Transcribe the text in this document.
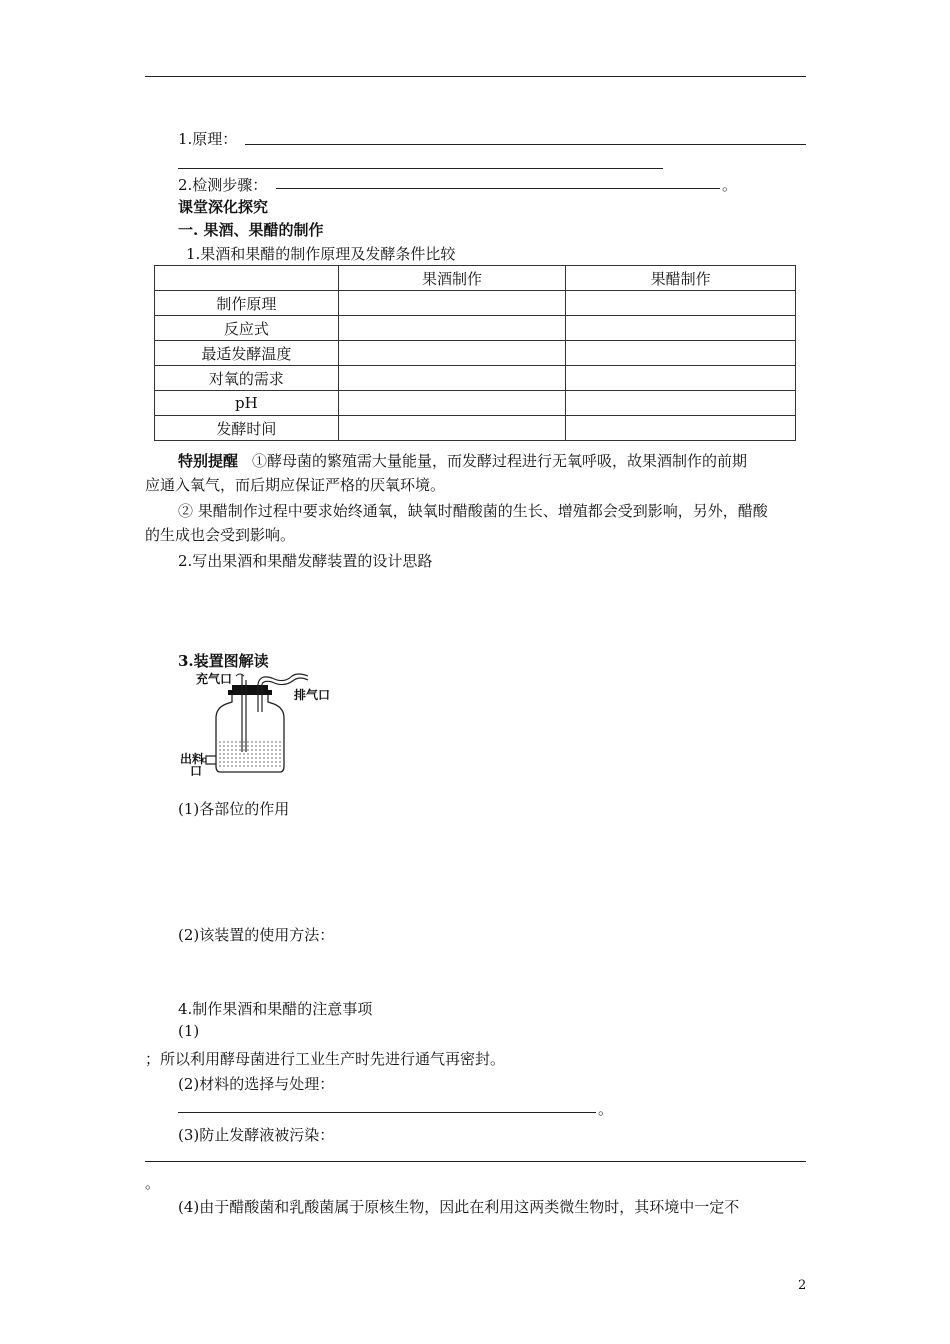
1.原理：
2.检测步骤：	。
课堂深化探究
一. 果酒、果醋的制作
1.果酒和果醋的制作原理及发酵条件比较
	果酒制作	果醋制作
制作原理		
反应式		
最适发酵温度		
对氧的需求		
pH		
发酵时间		
特别提醒 ①酵母菌的繁殖需大量能量，而发酵过程进行无氧呼吸，故果酒制作的前期
应通入氧气，而后期应保证严格的厌氧环境。
② 果醋制作过程中要求始终通氧，缺氧时醋酸菌的生长、增殖都会受到影响，另外，醋酸
的生成也会受到影响。
2.写出果酒和果醋发酵装置的设计思路
3.装置图解读
充气口
排气口
出料
口
(1)各部位的作用
(2)该装置的使用方法：
4.制作果酒和果醋的注意事项
(1)
；所以利用酵母菌进行工业生产时先进行通气再密封。
(2)材料的选择与处理：
。
(3)防止发酵液被污染：
。
(4)由于醋酸菌和乳酸菌属于原核生物，因此在利用这两类微生物时，其环境中一定不
2
